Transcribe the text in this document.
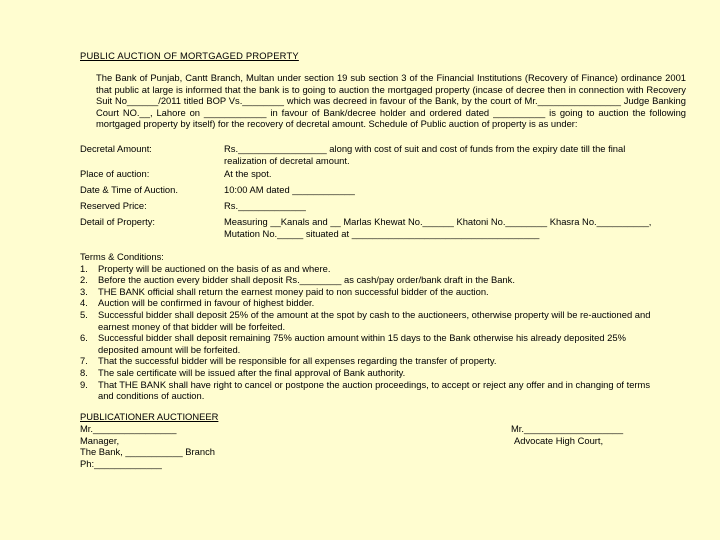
PUBLIC AUCTION OF MORTGAGED PROPERTY
The Bank of Punjab, Cantt Branch, Multan under section 19 sub section 3 of the Financial Institutions (Recovery of Finance) ordinance 2001 that public at large is informed that the bank is to going to auction the mortgaged property (incase of decree then in connection with Recovery Suit No______/2011 titled BOP Vs.________ which was decreed in favour of the Bank, by the court of Mr.________________ Judge Banking Court NO.__, Lahore on ____________ in favour of Bank/decree holder and ordered dated __________ is going to auction the following mortgaged property by itself) for the recovery of decretal amount. Schedule of Public auction of property is as under:
Decretal Amount:	Rs._________________ along with cost of suit and cost of funds from the expiry date till the final realization of decretal amount.
Place of auction:	At the spot.
Date & Time of Auction.	10:00 AM dated ____________
Reserved Price:	Rs._____________
Detail of Property:	Measuring __Kanals and __ Marlas Khewat No.______ Khatoni No.________ Khasra No.__________, Mutation No._____ situated at ____________________________________
Terms & Conditions:
1. Property will be auctioned on the basis of as and where.
2. Before the auction every bidder shall deposit Rs.________ as cash/pay order/bank draft in the Bank.
3. THE BANK official shall return the earnest money paid to non successful bidder of the auction.
4. Auction will be confirmed in favour of highest bidder.
5. Successful bidder shall deposit 25% of the amount at the spot by cash to the auctioneers, otherwise property will be re-auctioned and earnest money of that bidder will be forfeited.
6. Successful bidder shall deposit remaining 75% auction amount within 15 days to the Bank otherwise his already deposited 25% deposited amount will be forfeited.
7. That the successful bidder will be responsible for all expenses regarding the transfer of property.
8. The sale certificate will be issued after the final approval of Bank authority.
9. That THE BANK shall have right to cancel or postpone the auction proceedings, to accept or reject any offer and in changing of terms and conditions of auction.
PUBLICATIONER AUCTIONEER
Mr.________________
Manager,
The Bank, ___________ Branch
Ph:_____________
Mr.___________________
Advocate High Court,
